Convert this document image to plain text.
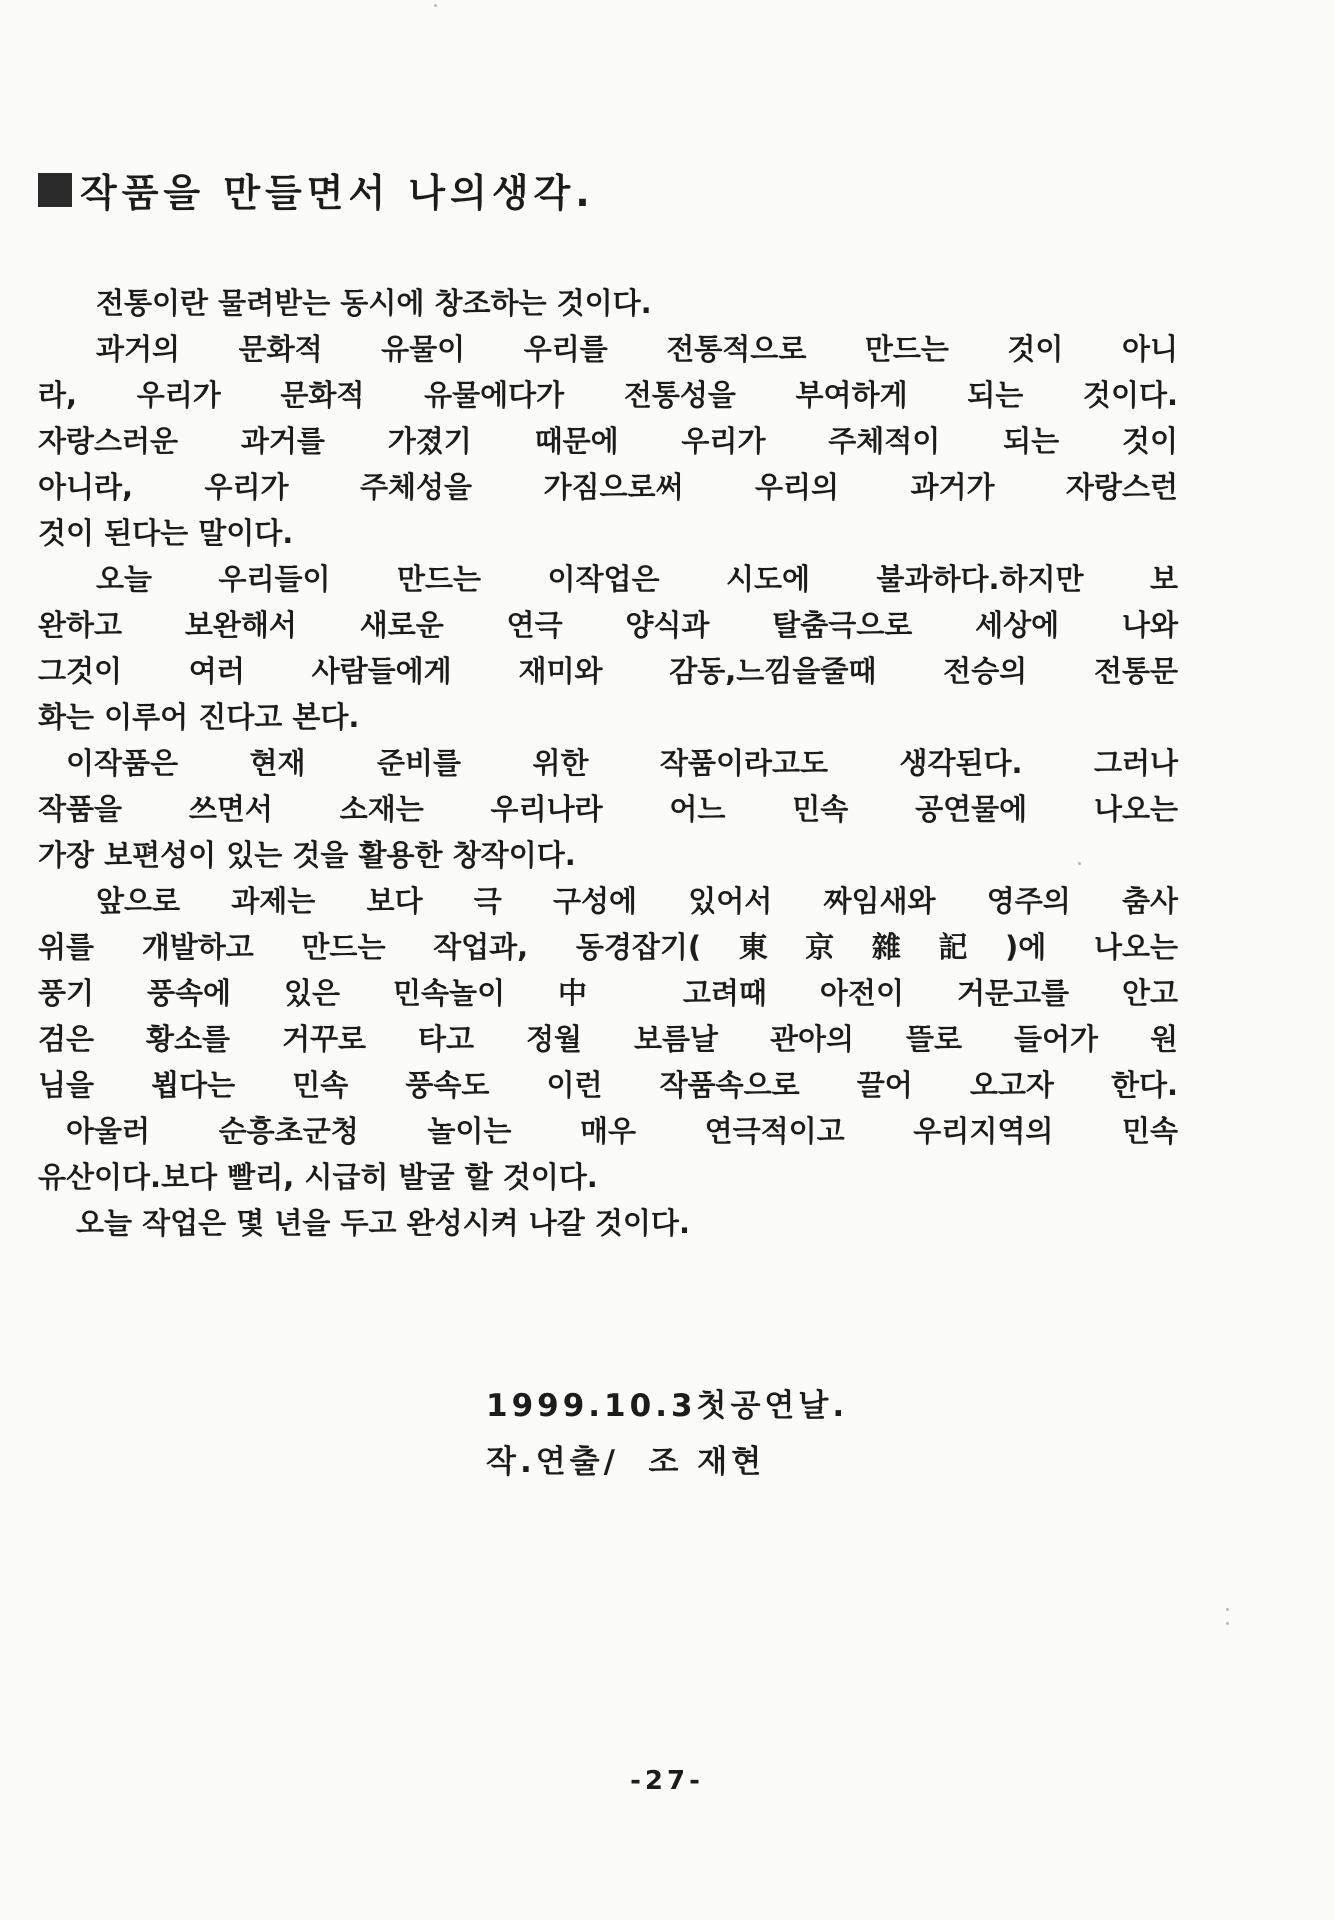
작품을 만들면서 나의생각.
전통이란 물려받는 동시에 창조하는 것이다.
과거의 문화적 유물이 우리를 전통적으로 만드는 것이 아니
라, 우리가 문화적 유물에다가 전통성을 부여하게 되는 것이다.
자랑스러운 과거를 가졌기 때문에 우리가 주체적이 되는 것이
아니라, 우리가 주체성을 가짐으로써 우리의 과거가 자랑스런
것이 된다는 말이다.
오늘 우리들이 만드는 이작업은 시도에 불과하다.하지만 보
완하고 보완해서 새로운 연극 양식과 탈춤극으로 세상에 나와
그것이 여러 사람들에게 재미와 감동,느낌을줄때 전승의 전통문
화는 이루어 진다고 본다.
이작품은 현재 준비를 위한 작품이라고도 생각된다. 그러나
작품을 쓰면서 소재는 우리나라 어느 민속 공연물에 나오는
가장 보편성이 있는 것을 활용한 창작이다.
앞으로 과제는 보다 극 구성에 있어서 짜임새와 영주의 춤사
위를 개발하고 만드는 작업과, 동경잡기(東京雜記)에 나오는
풍기 풍속에 있은 민속놀이 中 고려때 아전이 거문고를 안고
검은 황소를 거꾸로 타고 정월 보름날 관아의 뜰로 들어가 원
님을 뵙다는 민속 풍속도 이런 작품속으로 끌어 오고자 한다.
아울러 순흥초군청 놀이는 매우 연극적이고 우리지역의 민속
유산이다.보다 빨리, 시급히 발굴 할 것이다.
오늘 작업은 몇 년을 두고 완성시켜 나갈 것이다.
1999.10.3첫공연날.
작.연출/  조 재현
-27-
